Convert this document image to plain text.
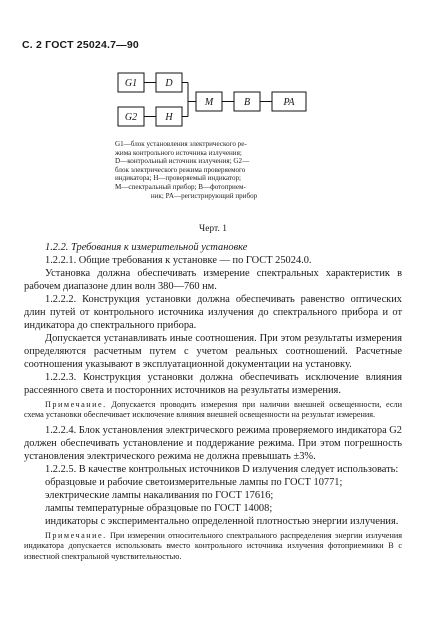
С. 2 ГОСТ 25024.7—90
G1	D
G2	H
M	B	PA
G1—блок установления электрического ре-
жима контрольного источника излучения;
D—контрольный источник излучения; G2—
блок электрического режима проверяемого
индикатора; H—проверяемый индикатор;
M—спектральный прибор; B—фотоприем-
ник; PA—регистрирующий прибор
Черт. 1

1.2.2. Требования к измерительной установке

1.2.2.1. Общие требования к установке — по ГОСТ 25024.0.

Установка должна обеспечивать измерение спектральных характеристик в рабочем диапазоне длин волн 380—760 нм.

1.2.2.2. Конструкция установки должна обеспечивать равенство оптических длин путей от контрольного источника излучения до спектрального прибора и от индикатора до спектрального прибора.

Допускается устанавливать иные соотношения. При этом результаты измерения определяются расчетным путем с учетом реальных соотношений. Расчетные соотношения указывают в эксплуатационной документации на установку.

1.2.2.3. Конструкция установки должна обеспечивать исключение влияния рассеянного света и посторонних источников на результаты измерения.

Примечание. Допускается проводить измерения при наличии внешней освещенности, если схема установки обеспечивает исключение влияния внешней освещенности на результат измерения.

1.2.2.4. Блок установления электрического режима проверяемого индикатора G2 должен обеспечивать установление и поддержание режима. При этом погрешность установления электрического режима не должна превышать ±3%.

1.2.2.5. В качестве контрольных источников D излучения следует использовать:

образцовые и рабочие светоизмерительные лампы по ГОСТ 10771;

электрические лампы накаливания по ГОСТ 17616;

лампы температурные образцовые по ГОСТ 14008;

индикаторы с экспериментально определенной плотностью энергии излучения.

Примечание. При измерении относительного спектрального распределения энергии излучения индикатора допускается использовать вместо контрольного источника излучения фотоприемники B с известной спектральной чувствительностью.
